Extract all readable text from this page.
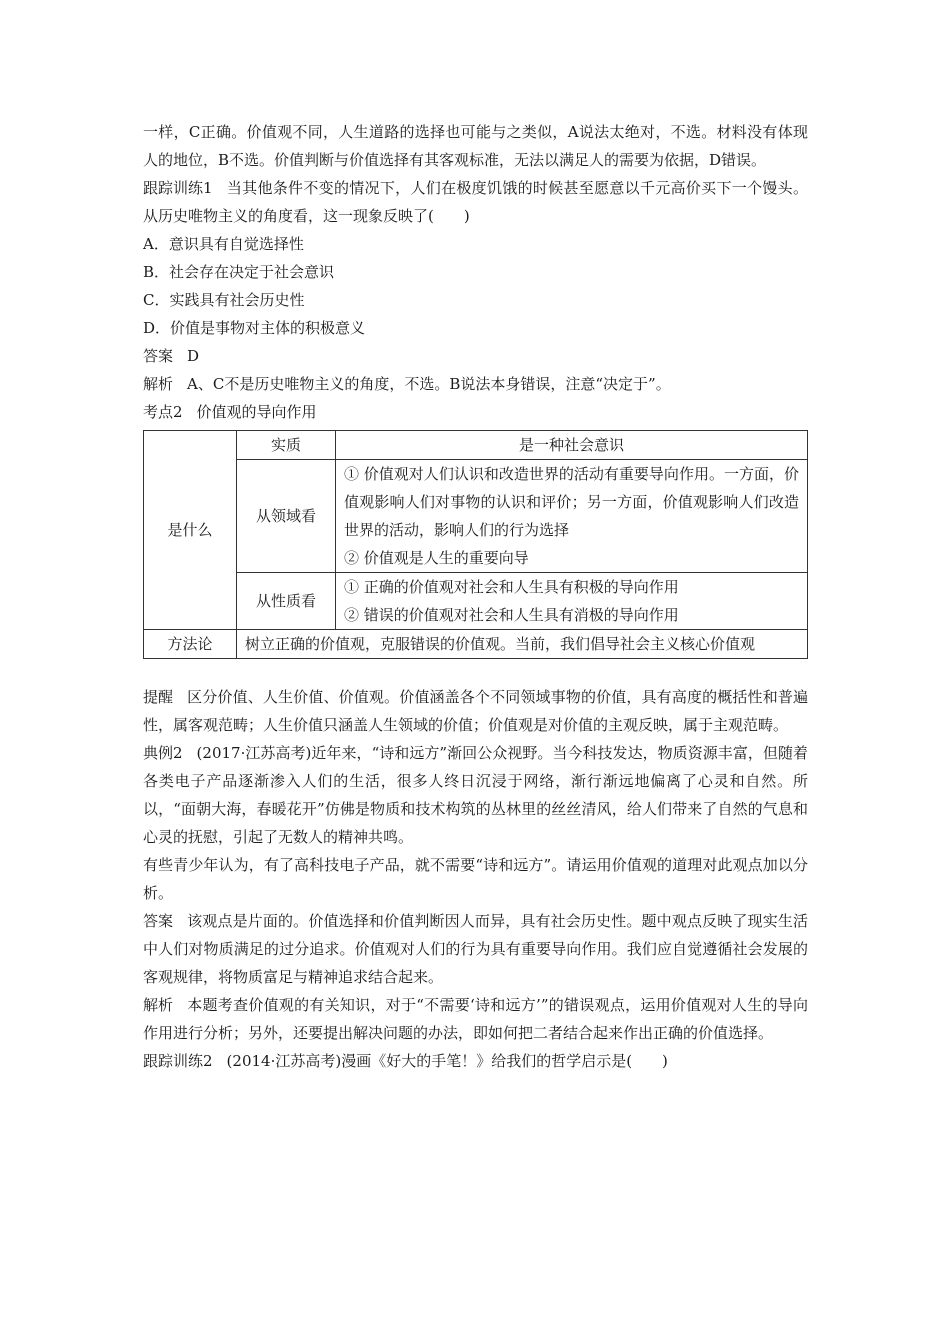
一样，C正确。价值观不同，人生道路的选择也可能与之类似，A说法太绝对，不选。材料没有体现人的地位，B不选。价值判断与价值选择有其客观标准，无法以满足人的需要为依据，D错误。

跟踪训练1 当其他条件不变的情况下，人们在极度饥饿的时候甚至愿意以千元高价买下一个馒头。从历史唯物主义的角度看，这一现象反映了(　　)

A．意识具有自觉选择性

B．社会存在决定于社会意识

C．实践具有社会历史性

D．价值是事物对主体的积极意义

答案 D

解析 A、C不是历史唯物主义的角度，不选。B说法本身错误，注意“决定于”。

考点2 价值观的导向作用

是什么	实质	是一种社会意识
	从领域看	① 价值观对人们认识和改造世界的活动有重要导向作用。一方面，价值观影响人们对事物的认识和评价；另一方面，价值观影响人们改造世界的活动，影响人们的行为选择
② 价值观是人生的重要向导

	从性质看	① 正确的价值观对社会和人生具有积极的导向作用
② 错误的价值观对社会和人生具有消极的导向作用

方法论	树立正确的价值观，克服错误的价值观。当前，我们倡导社会主义核心价值观	

提醒 区分价值、人生价值、价值观。价值涵盖各个不同领域事物的价值，具有高度的概括性和普遍性，属客观范畴；人生价值只涵盖人生领域的价值；价值观是对价值的主观反映，属于主观范畴。

典例2 (2017·江苏高考)近年来，“诗和远方”渐回公众视野。当今科技发达，物质资源丰富，但随着各类电子产品逐渐渗入人们的生活，很多人终日沉浸于网络，渐行渐远地偏离了心灵和自然。所以，“面朝大海，春暖花开”仿佛是物质和技术构筑的丛林里的丝丝清风，给人们带来了自然的气息和心灵的抚慰，引起了无数人的精神共鸣。

有些青少年认为，有了高科技电子产品，就不需要“诗和远方”。请运用价值观的道理对此观点加以分析。

答案 该观点是片面的。价值选择和价值判断因人而异，具有社会历史性。题中观点反映了现实生活中人们对物质满足的过分追求。价值观对人们的行为具有重要导向作用。我们应自觉遵循社会发展的客观规律，将物质富足与精神追求结合起来。

解析 本题考查价值观的有关知识，对于“不需要‘诗和远方’”的错误观点，运用价值观对人生的导向作用进行分析；另外，还要提出解决问题的办法，即如何把二者结合起来作出正确的价值选择。

跟踪训练2 (2014·江苏高考)漫画《好大的手笔！》给我们的哲学启示是(　　)
